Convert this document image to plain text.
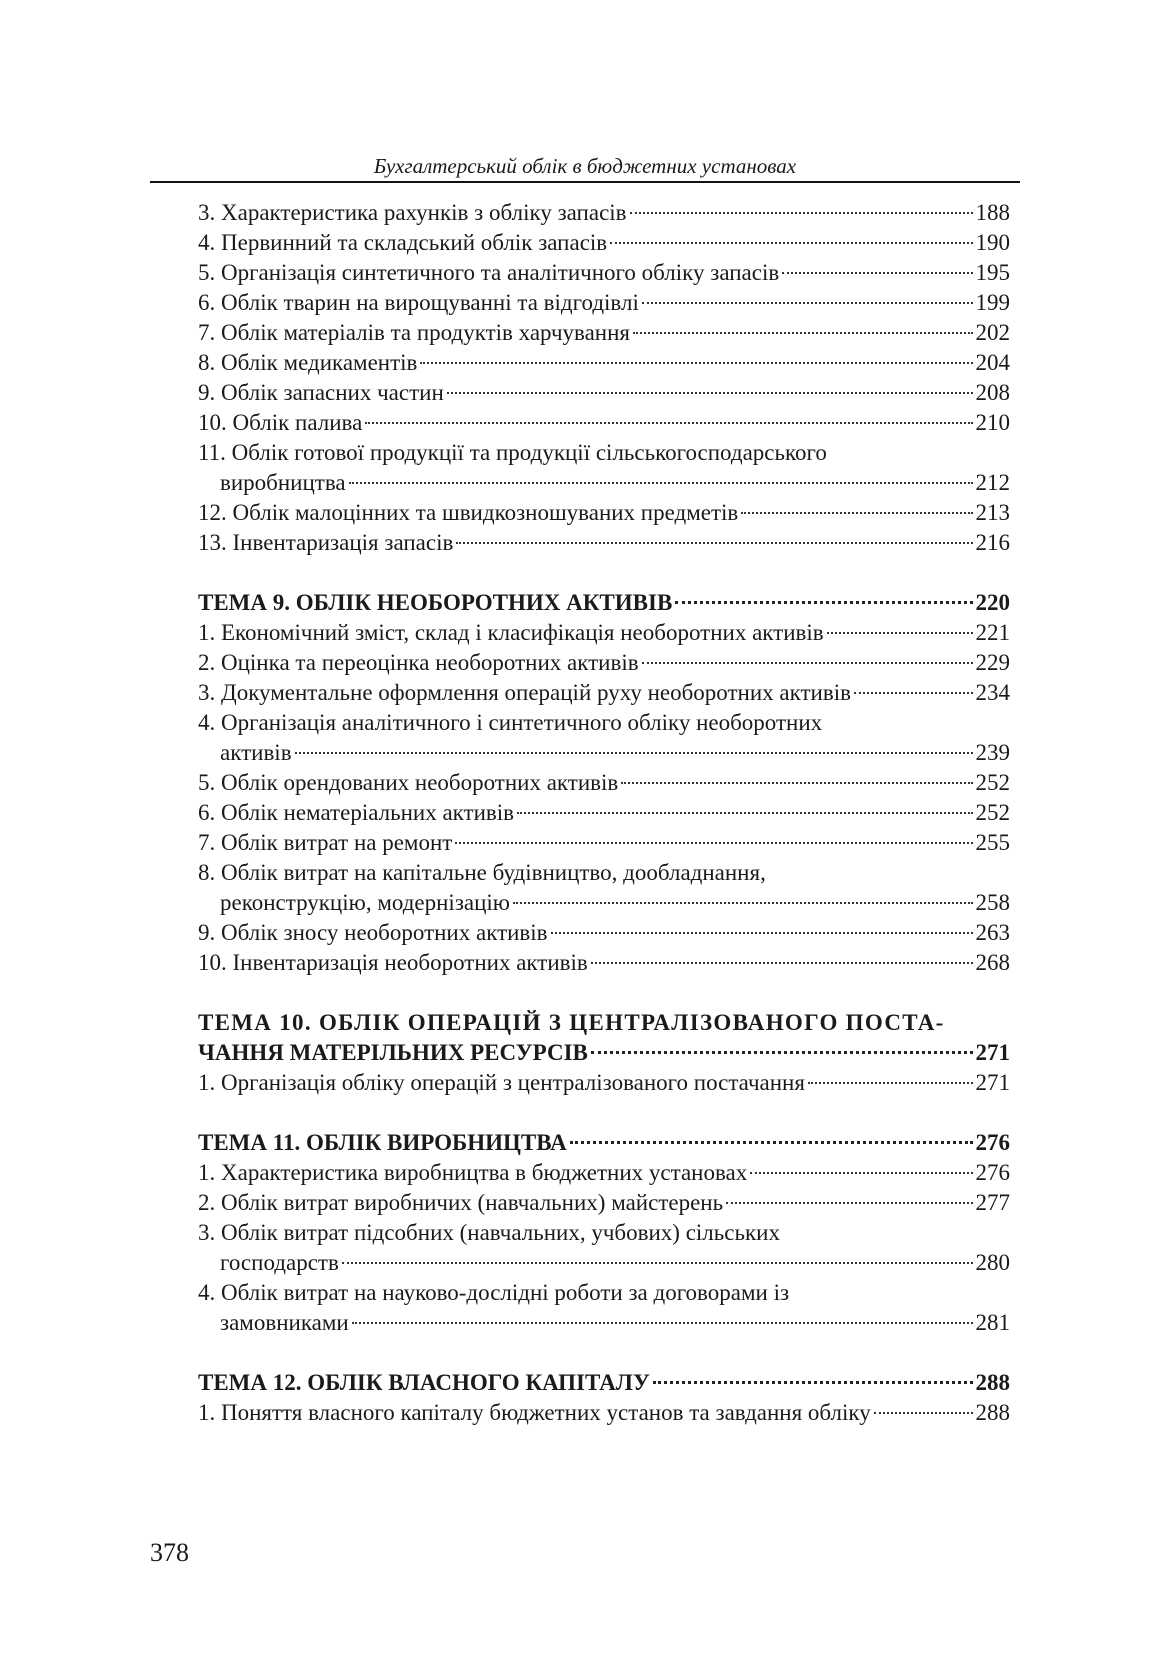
Бухгалтерський облік в бюджетних установах
3. Характеристика рахунків з обліку запасів	188
4. Первинний та складський облік запасів	190
5. Організація синтетичного та аналітичного обліку запасів	195
6. Облік тварин на вирощуванні та відгодівлі	199
7. Облік матеріалів та продуктів харчування	202
8. Облік медикаментів	204
9. Облік запасних частин	208
10. Облік палива	210
11. Облік готової продукції та продукції сільськогосподарського
виробництва	212
12. Облік малоцінних та швидкозношуваних предметів	213
13. Інвентаризація запасів	216
ТЕМА 9. ОБЛІК НЕОБОРОТНИХ АКТИВІВ	220
1. Економічний зміст, склад і класифікація необоротних активів	221
2. Оцінка та переоцінка необоротних активів	229
3. Документальне оформлення операцій руху необоротних активів	234
4. Організація аналітичного і синтетичного обліку необоротних
активів	239
5. Облік орендованих необоротних активів	252
6. Облік нематеріальних активів	252
7. Облік витрат на ремонт	255
8. Облік витрат на капітальне будівництво, дообладнання,
реконструкцію, модернізацію	258
9. Облік зносу необоротних активів	263
10. Інвентаризація необоротних активів	268
ТЕМА 10. ОБЛІК ОПЕРАЦІЙ З ЦЕНТРАЛІЗОВАНОГО ПОСТА-
ЧАННЯ МАТЕРІЛЬНИХ РЕСУРСІВ	271
1. Організація обліку операцій з централізованого постачання	271
ТЕМА 11. ОБЛІК ВИРОБНИЦТВА	276
1. Характеристика виробництва в бюджетних установах	276
2. Облік витрат виробничих (навчальних) майстерень	277
3. Облік витрат підсобних (навчальних, учбових) сільських
господарств	280
4. Облік витрат на науково-дослідні роботи за договорами із
замовниками	281
ТЕМА 12. ОБЛІК ВЛАСНОГО КАПІТАЛУ	288
1. Поняття власного капіталу бюджетних установ та завдання обліку	288
378
